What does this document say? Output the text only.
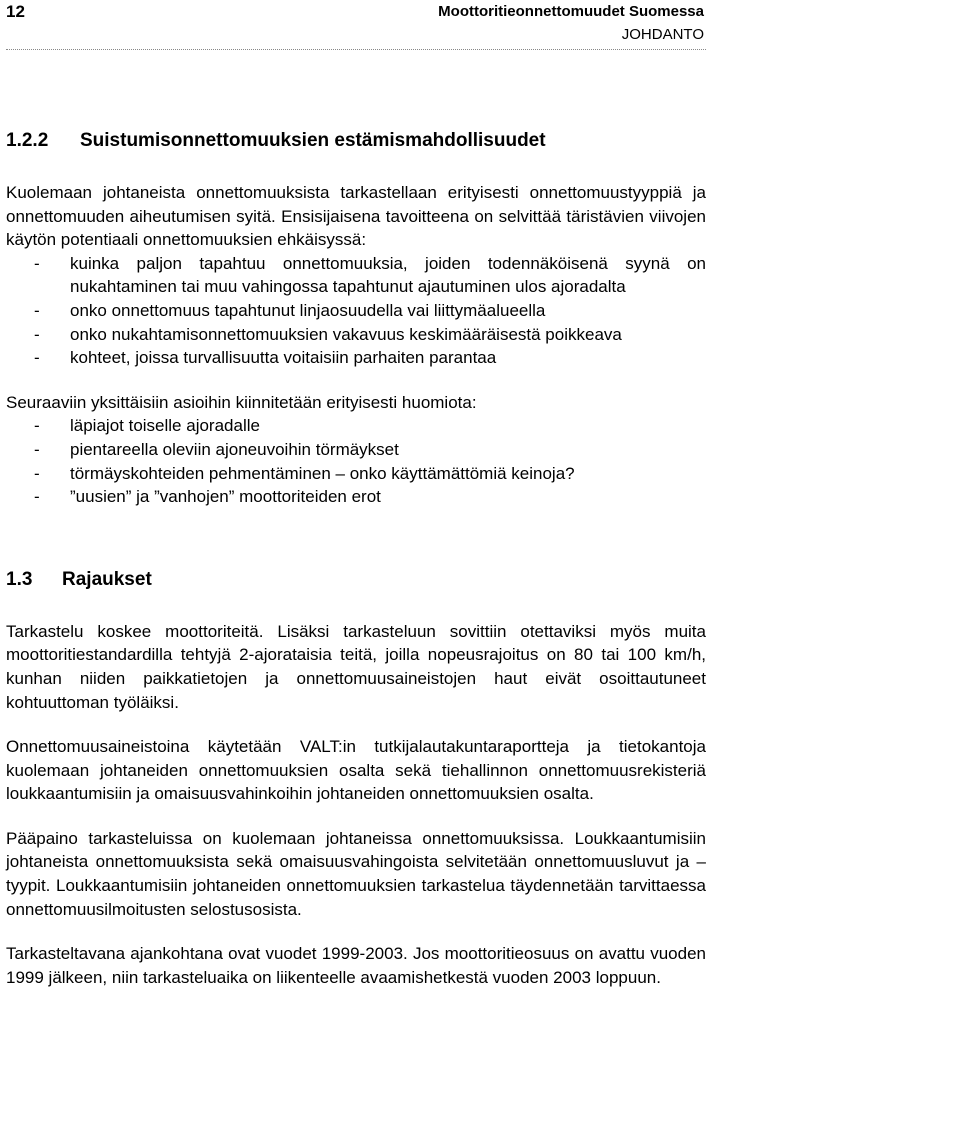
12	Moottoritieonnettomuudet Suomessa
JOHDANTO
1.2.2	Suistumisonnettomuuksien estämismahdollisuudet

Kuolemaan johtaneista onnettomuuksista tarkastellaan erityisesti onnettomuustyyppiä ja onnettomuuden aiheutumisen syitä. Ensisijaisena tavoitteena on selvittää täristävien viivojen käytön potentiaali onnettomuuksien ehkäisyssä:

- kuinka paljon tapahtuu onnettomuuksia, joiden todennäköisenä syynä on nukahtaminen tai muu vahingossa tapahtunut ajautuminen ulos ajoradalta
- onko onnettomuus tapahtunut linjaosuudella vai liittymäalueella
- onko nukahtamisonnettomuuksien vakavuus keskimääräisestä poikkeava
- kohteet, joissa turvallisuutta voitaisiin parhaiten parantaa

Seuraaviin yksittäisiin asioihin kiinnitetään erityisesti huomiota:

- läpiajot toiselle ajoradalle
- pientareella oleviin ajoneuvoihin törmäykset
- törmäyskohteiden pehmentäminen – onko käyttämättömiä keinoja?
- ”uusien” ja ”vanhojen” moottoriteiden erot
1.3	Rajaukset

Tarkastelu koskee moottoriteitä. Lisäksi tarkasteluun sovittiin otettaviksi myös muita moottoritiestandardilla tehtyjä 2-ajorataisia teitä, joilla nopeusrajoitus on 80 tai 100 km/h, kunhan niiden paikkatietojen ja onnettomuusaineistojen haut eivät osoittautuneet kohtuuttoman työläiksi.

Onnettomuusaineistoina käytetään VALT:in tutkijalautakuntaraportteja ja tietokantoja kuolemaan johtaneiden onnettomuuksien osalta sekä tiehallinnon onnettomuusrekisteriä loukkaantumisiin ja omaisuusvahinkoihin johtaneiden onnettomuuksien osalta.

Pääpaino tarkasteluissa on kuolemaan johtaneissa onnettomuuksissa. Loukkaantumisiin johtaneista onnettomuuksista sekä omaisuusvahingoista selvitetään onnettomuusluvut ja –tyypit. Loukkaantumisiin johtaneiden onnettomuuksien tarkastelua täydennetään tarvittaessa onnettomuusilmoitusten selostusosista.

Tarkasteltavana ajankohtana ovat vuodet 1999-2003. Jos moottoritieosuus on avattu vuoden 1999 jälkeen, niin tarkasteluaika on liikenteelle avaamishetkestä vuoden 2003 loppuun.
